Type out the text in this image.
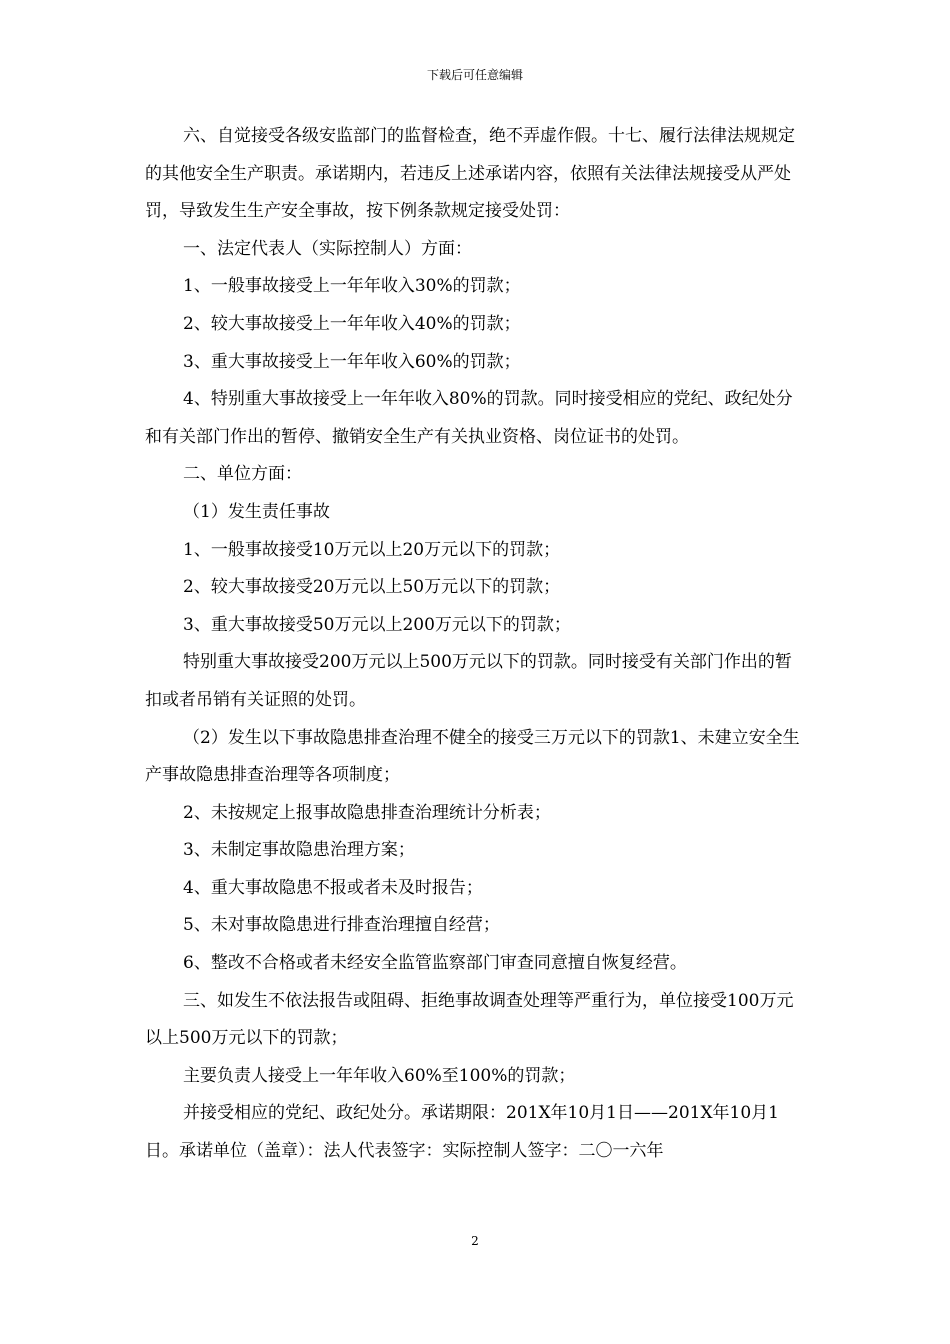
下载后可任意编辑

六、自觉接受各级安监部门的监督检查，绝不弄虚作假。十七、履行法律法规规定的其他安全生产职责。承诺期内，若违反上述承诺内容，依照有关法律法规接受从严处罚，导致发生生产安全事故，按下例条款规定接受处罚：

一、法定代表人（实际控制人）方面：

1、一般事故接受上一年年收入30%的罚款；

2、较大事故接受上一年年收入40%的罚款；

3、重大事故接受上一年年收入60%的罚款；

4、特别重大事故接受上一年年收入80%的罚款。同时接受相应的党纪、政纪处分和有关部门作出的暂停、撤销安全生产有关执业资格、岗位证书的处罚。

二、单位方面：

（1）发生责任事故

1、一般事故接受10万元以上20万元以下的罚款；

2、较大事故接受20万元以上50万元以下的罚款；

3、重大事故接受50万元以上200万元以下的罚款；

特别重大事故接受200万元以上500万元以下的罚款。同时接受有关部门作出的暂扣或者吊销有关证照的处罚。

（2）发生以下事故隐患排查治理不健全的接受三万元以下的罚款1、未建立安全生产事故隐患排查治理等各项制度；

2、未按规定上报事故隐患排查治理统计分析表；

3、未制定事故隐患治理方案；

4、重大事故隐患不报或者未及时报告；

5、未对事故隐患进行排查治理擅自经营；

6、整改不合格或者未经安全监管监察部门审查同意擅自恢复经营。

三、如发生不依法报告或阻碍、拒绝事故调查处理等严重行为，单位接受100万元以上500万元以下的罚款；

主要负责人接受上一年年收入60%至100%的罚款；

并接受相应的党纪、政纪处分。承诺期限：201X年10月1日——201X年10月1日。承诺单位（盖章）：法人代表签字：实际控制人签字：二〇一六年

2
